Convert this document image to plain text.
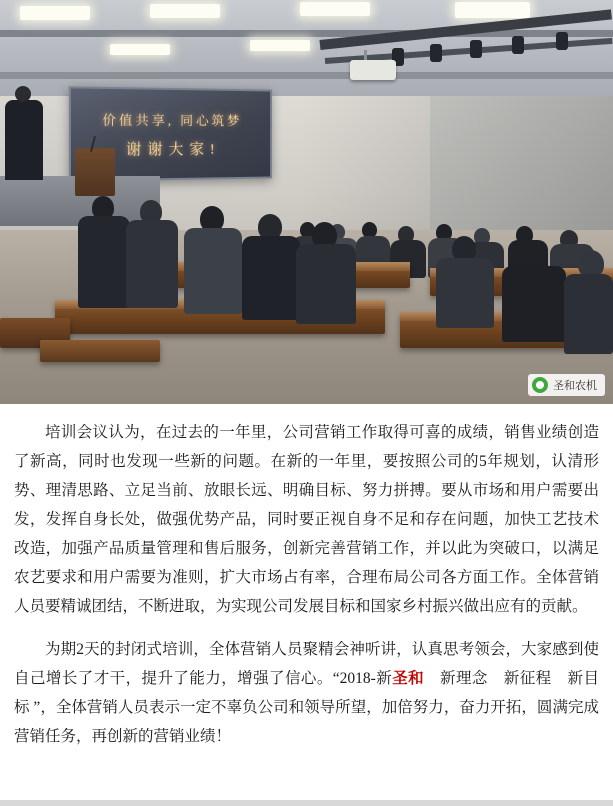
价值共享, 同心筑梦
谢谢大家!
圣和农机

培训会议认为，在过去的一年里，公司营销工作取得可喜的成绩，销售业绩创造了新高，同时也发现一些新的问题。在新的一年里，要按照公司的5年规划，认清形势、理清思路、立足当前、放眼长远、明确目标、努力拼搏。要从市场和用户需要出发，发挥自身长处，做强优势产品，同时要正视自身不足和存在问题，加快工艺技术改造，加强产品质量管理和售后服务，创新完善营销工作，并以此为突破口，以满足农艺要求和用户需要为准则，扩大市场占有率，合理布局公司各方面工作。全体营销人员要精诚团结，不断进取，为实现公司发展目标和国家乡村振兴做出应有的贡献。

为期2天的封闭式培训，全体营销人员聚精会神听讲，认真思考领会，大家感到使自己增长了才干，提升了能力，增强了信心。“2018-新圣和　新理念　新征程　新目标 ”，全体营销人员表示一定不辜负公司和领导所望，加倍努力，奋力开拓，圆满完成营销任务，再创新的营销业绩！
